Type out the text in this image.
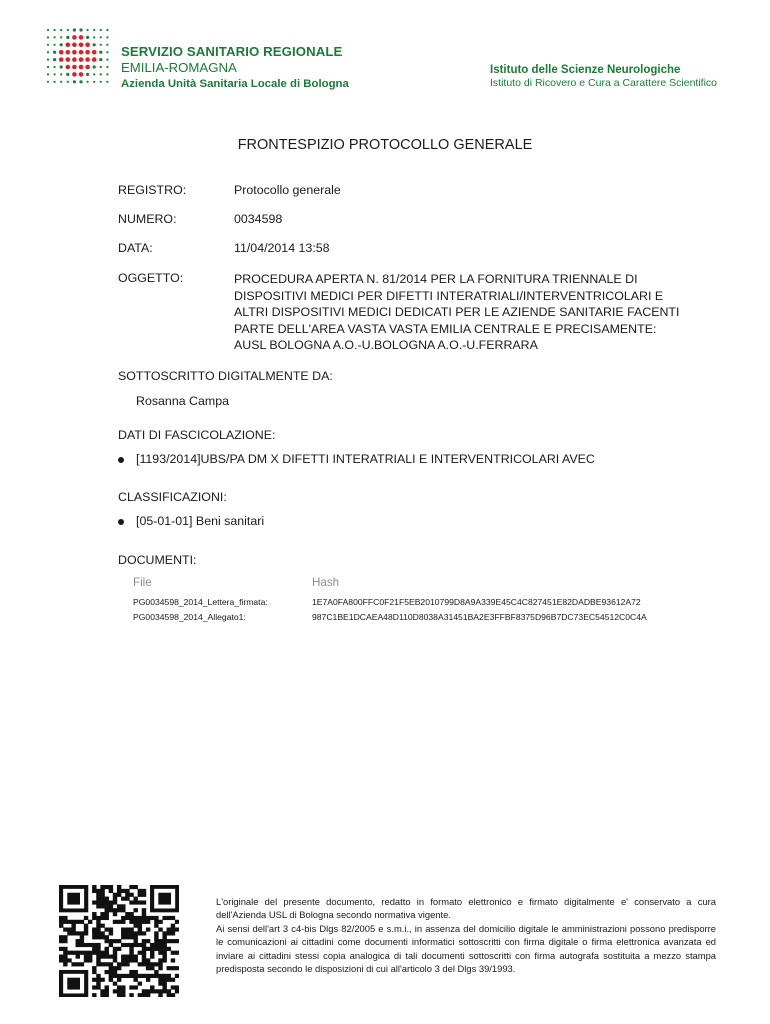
SERVIZIO SANITARIO REGIONALE
EMILIA-ROMAGNA
Azienda Unità Sanitaria Locale di Bologna
Istituto delle Scienze Neurologiche
Istituto di Ricovero e Cura a Carattere Scientifico
FRONTESPIZIO PROTOCOLLO GENERALE
REGISTRO:	Protocollo generale
NUMERO:	0034598
DATA:	11/04/2014 13:58
OGGETTO:	PROCEDURA APERTA N. 81/2014 PER LA FORNITURA TRIENNALE DI
DISPOSITIVI MEDICI PER DIFETTI INTERATRIALI/INTERVENTRICOLARI E
ALTRI DISPOSITIVI MEDICI DEDICATI PER LE AZIENDE SANITARIE FACENTI
PARTE DELL'AREA VASTA VASTA EMILIA CENTRALE E PRECISAMENTE:
AUSL BOLOGNA A.O.-U.BOLOGNA A.O.-U.FERRARA
SOTTOSCRITTO DIGITALMENTE DA:
Rosanna Campa
DATI DI FASCICOLAZIONE:
[1193/2014]UBS/PA DM X DIFETTI INTERATRIALI E INTERVENTRICOLARI AVEC
CLASSIFICAZIONI:
[05-01-01] Beni sanitari
DOCUMENTI:
File	Hash
PG0034598_2014_Lettera_firmata:	1E7A0FA800FFC0F21F5EB2010799D8A9A339E45C4C827451E82DADBE93612A72
PG0034598_2014_Allegato1:	987C1BE1DCAEA48D110D8038A31451BA2E3FFBF8375D96B7DC73EC54512C0C4A

L'originale del presente documento, redatto in formato elettronico e firmato digitalmente e' conservato a cura dell'Azienda USL di Bologna secondo normativa vigente.

Ai sensi dell'art 3 c4-bis Dlgs 82/2005 e s.m.i., in assenza del domicilio digitale le amministrazioni possono predisporre le comunicazioni ai cittadini come documenti informatici sottoscritti con firma digitale o firma elettronica avanzata ed inviare ai cittadini stessi copia analogica di tali documenti sottoscritti con firma autografa sostituita a mezzo stampa predisposta secondo le disposizioni di cui all'articolo 3 del Dlgs 39/1993.
